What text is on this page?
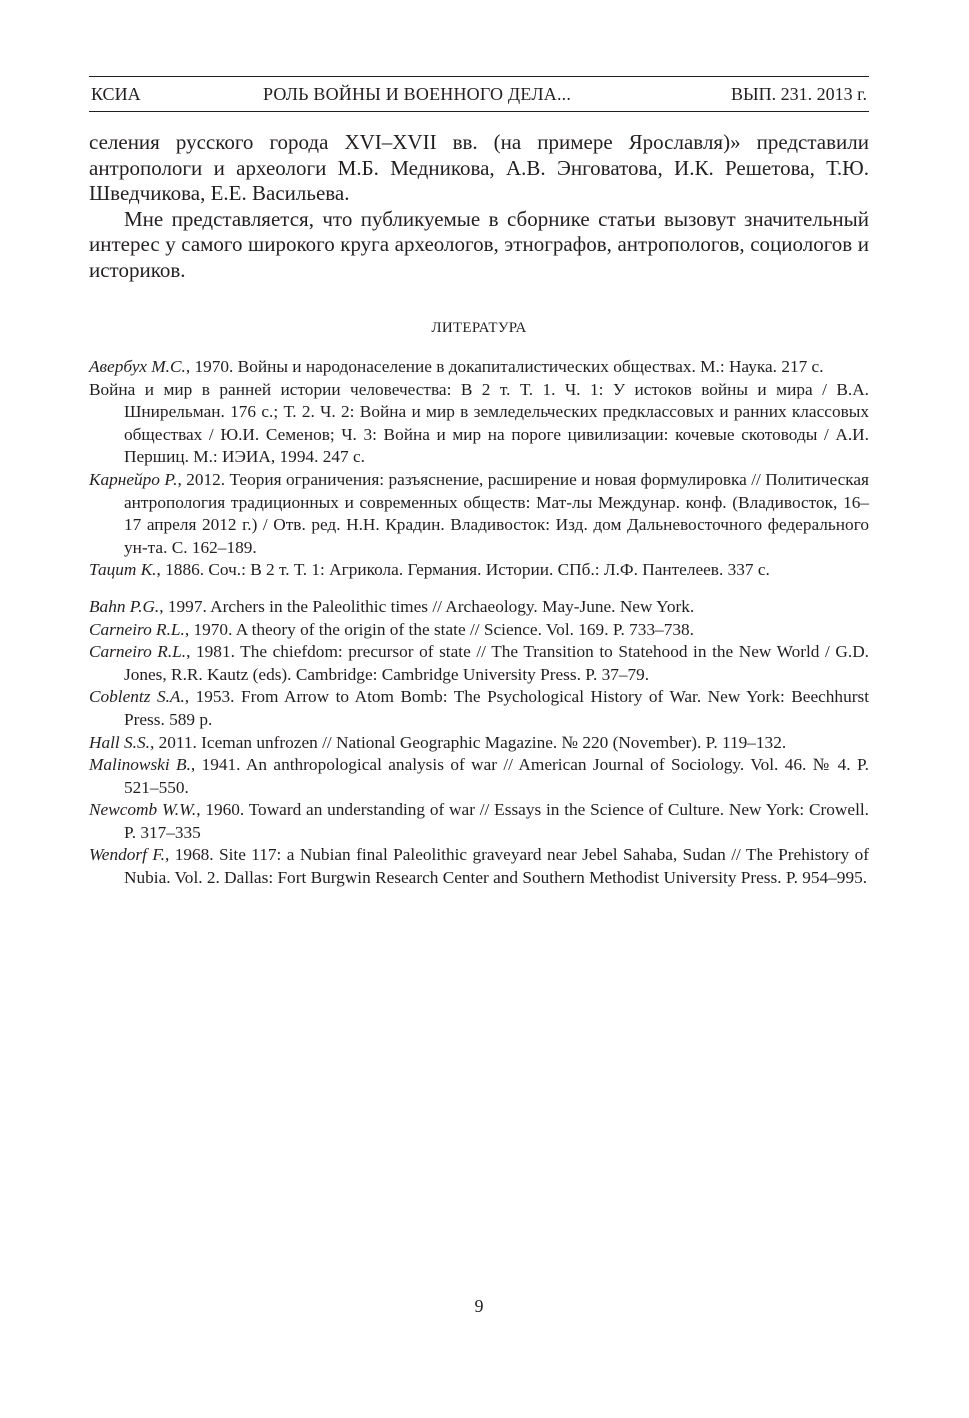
КСИА	РОЛЬ ВОЙНЫ И ВОЕННОГО ДЕЛА...	ВЫП. 231. 2013 г.

селения русского города XVI–XVII вв. (на примере Ярославля)» представили антропологи и археологи М.Б. Медникова, А.В. Энговатова, И.К. Решетова, Т.Ю. Шведчикова, Е.Е. Васильева.

Мне представляется, что публикуемые в сборнике статьи вызовут значительный интерес у самого широкого круга археологов, этнографов, антропологов, социологов и историков.

ЛИТЕРАТУРА

Авербух М.С., 1970. Войны и народонаселение в докапиталистических обществах. М.: Наука. 217 с.

Война и мир в ранней истории человечества: В 2 т. Т. 1. Ч. 1: У истоков войны и мира / В.А. Шнирельман. 176 с.; Т. 2. Ч. 2: Война и мир в земледельческих предклассовых и ранних классовых обществах / Ю.И. Семенов; Ч. 3: Война и мир на пороге цивилизации: кочевые скотоводы / А.И. Першиц. М.: ИЭИА, 1994. 247 с.

Карнейро Р., 2012. Теория ограничения: разъяснение, расширение и новая формулировка // Политическая антропология традиционных и современных обществ: Мат-лы Междунар. конф. (Владивосток, 16–17 апреля 2012 г.) / Отв. ред. Н.Н. Крадин. Владивосток: Изд. дом Дальневосточного федерального ун-та. С. 162–189.

Тацит К., 1886. Соч.: В 2 т. Т. 1: Агрикола. Германия. Истории. СПб.: Л.Ф. Пантелеев. 337 с.

Bahn P.G., 1997. Archers in the Paleolithic times // Archaeology. May-June. New York.

Carneiro R.L., 1970. A theory of the origin of the state // Science. Vol. 169. P. 733–738.

Carneiro R.L., 1981. The chiefdom: precursor of state // The Transition to Statehood in the New World / G.D. Jones, R.R. Kautz (eds). Cambridge: Cambridge University Press. P. 37–79.

Coblentz S.A., 1953. From Arrow to Atom Bomb: The Psychological History of War. New York: Beechhurst Press. 589 p.

Hall S.S., 2011. Iceman unfrozen // National Geographic Magazine. № 220 (November). P. 119–132.

Malinowski B., 1941. An anthropological analysis of war // American Journal of Sociology. Vol. 46. № 4. P. 521–550.

Newcomb W.W., 1960. Toward an understanding of war // Essays in the Science of Culture. New York: Crowell. P. 317–335

Wendorf F., 1968. Site 117: a Nubian final Paleolithic graveyard near Jebel Sahaba, Sudan // The Prehistory of Nubia. Vol. 2. Dallas: Fort Burgwin Research Center and Southern Methodist University Press. P. 954–995.

9
